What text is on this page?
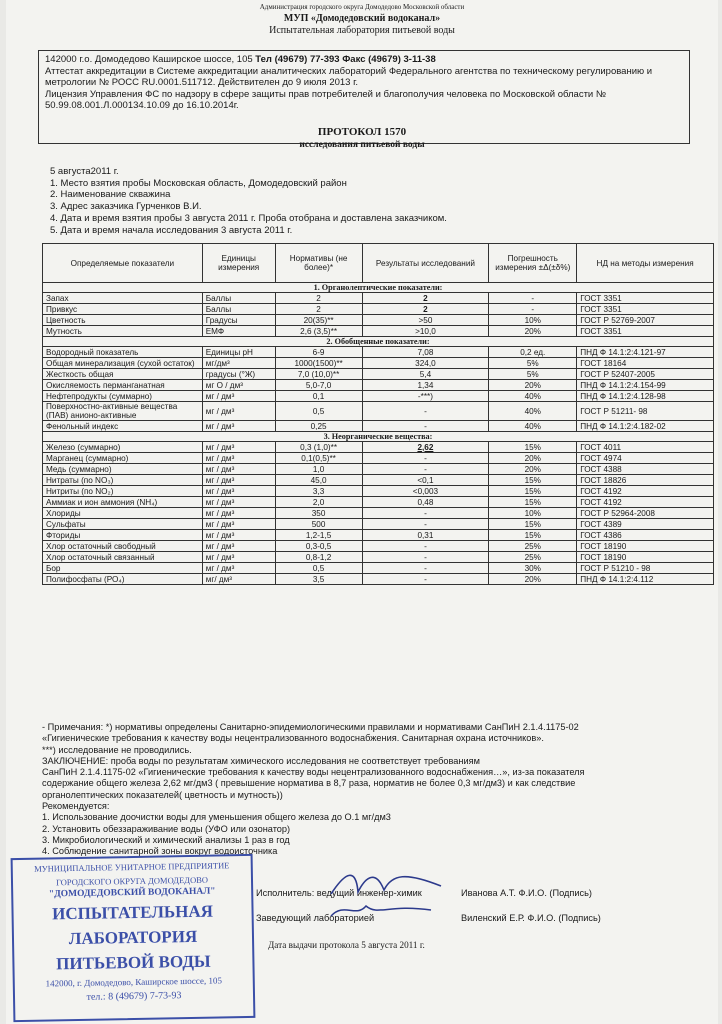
Администрация городского округа Домодедово Московской области
МУП «Домодедовский водоканал»
Испытательная лаборатория питьевой воды
142000 г.о. Домодедово Каширское шоссе, 105 Тел (49679) 77-393 Факс (49679) 3-11-38
Аттестат аккредитации в Системе аккредитации аналитических лабораторий Федерального агентства по техническому регулированию и метрологии № РОСС RU.0001.511712. Действителен до 9 июля 2013 г.
Лицензия Управления ФС по надзору в сфере защиты прав потребителей и благополучия человека по Московской области № 50.99.08.001.Л.000134.10.09 до 16.10.2014г.
ПРОТОКОЛ 1570
исследования питьевой воды
5 августа2011 г.
1. Место взятия пробы Московская область, Домодедовский район
2. Наименование скважина
3. Адрес заказчика Гурченков В.И.
4. Дата и время взятия пробы 3 августа 2011 г. Проба отобрана и доставлена заказчиком.
5. Дата и время начала исследования 3 августа 2011 г.
Определяемые показатели	Единицы измерения	Нормативы (не более)*	Результаты исследований	Погрешность измерения ±Δ(±δ%)	НД на методы измерения
1. Органолептические показатели:					
Запах	Баллы	2	2	-	ГОСТ 3351
Привкус	Баллы	2	2	-	ГОСТ 3351
Цветность	Градусы	20(35)**	>50	10%	ГОСТ Р 52769-2007
Мутность	ЕМФ	2,6 (3,5)**	>10,0	20%	ГОСТ 3351
2. Обобщенные показатели:					
Водородный показатель	Единицы рН	6-9	7,08	0,2 ед.	ПНД Ф 14.1:2:4.121-97
Общая минерализация (сухой остаток)	мг/дм³	1000(1500)**	324,0	5%	ГОСТ 18164
Жесткость общая	градусы (°Ж)	7,0 (10,0)**	5,4	5%	ГОСТ Р 52407-2005
Окисляемость перманганатная	мг О / дм³	5,0-7,0	1,34	20%	ПНД Ф 14.1:2:4.154-99
Нефтепродукты (суммарно)	мг / дм³	0,1	-***)	40%	ПНД Ф 14.1:2:4.128-98
Поверхностно-активные вещества (ПАВ) анионо-активные	мг / дм³	0,5	-	40%	ГОСТ Р 51211- 98
Фенольный индекс	мг / дм³	0,25	-	40%	ПНД Ф 14.1:2:4.182-02
3. Неорганические вещества:					
Железо (суммарно)	мг / дм³	0,3 (1,0)**	2,62	15%	ГОСТ 4011
Марганец (суммарно)	мг / дм³	0,1(0,5)**	-	20%	ГОСТ 4974
Медь (суммарно)	мг / дм³	1,0	-	20%	ГОСТ 4388
Нитраты (по NO₃)	мг / дм³	45,0	<0,1	15%	ГОСТ 18826
Нитриты (по NO₂)	мг / дм³	3,3	<0,003	15%	ГОСТ 4192
Аммиак и ион аммония (NH₄)	мг / дм³	2,0	0,48	15%	ГОСТ 4192
Хлориды	мг / дм³	350	-	10%	ГОСТ Р 52964-2008
Сульфаты	мг / дм³	500	-	15%	ГОСТ 4389
Фториды	мг / дм³	1,2-1,5	0,31	15%	ГОСТ 4386
Хлор остаточный свободный	мг / дм³	0,3-0,5	-	25%	ГОСТ 18190
Хлор остаточный связанный	мг / дм³	0,8-1,2	-	25%	ГОСТ 18190
Бор	мг / дм³	0,5	-	30%	ГОСТ Р 51210 - 98
Полифосфаты (РО₄)	мг/ дм³	3,5	-	20%	ПНД Ф 14.1:2:4.112
- Примечания: *) нормативы определены Санитарно-эпидемиологическими правилами и нормативами СанПиН 2.1.4.1175-02
«Гигиенические требования к качеству воды нецентрализованного водоснабжения. Санитарная охрана источников».
***) исследование не проводились.
ЗАКЛЮЧЕНИЕ: проба воды по результатам химического исследования не соответствует требованиям
СанПиН 2.1.4.1175-02 «Гигиенические требования к качеству воды нецентрализованного водоснабжения…», из-за показателя
содержание общего железа 2,62 мг/дм3 ( превышение норматива в 8,7 раза, норматив не более 0,3 мг/дм3) и как следствие
органолептических показателей( цветность и мутность))
Рекомендуется:
1. Использование доочистки воды для уменьшения общего железа до О.1 мг/дм3
2. Установить обеззараживание воды (УФО или озонатор)
3. Микробиологический и химический анализы 1 раз в год
4. Соблюдение санитарной зоны вокруг водоисточника
Исполнитель: ведущий инженер-химик	Иванова А.Т. Ф.И.О. (Подпись)
Заведующий лабораторией	Виленский Е.Р. Ф.И.О. (Подпись)
Дата выдачи протокола 5 августа 2011 г.
МУНИЦИПАЛЬНОЕ УНИТАРНОЕ ПРЕДПРИЯТИЕ
ГОРОДСКОГО ОКРУГА ДОМОДЕДОВО
"ДОМОДЕДОВСКИЙ ВОДОКАНАЛ"
ИСПЫТАТЕЛЬНАЯ
ЛАБОРАТОРИЯ
ПИТЬЕВОЙ ВОДЫ
142000, г. Домодедово, Каширское шоссе, 105
тел.: 8 (49679) 7-73-93
